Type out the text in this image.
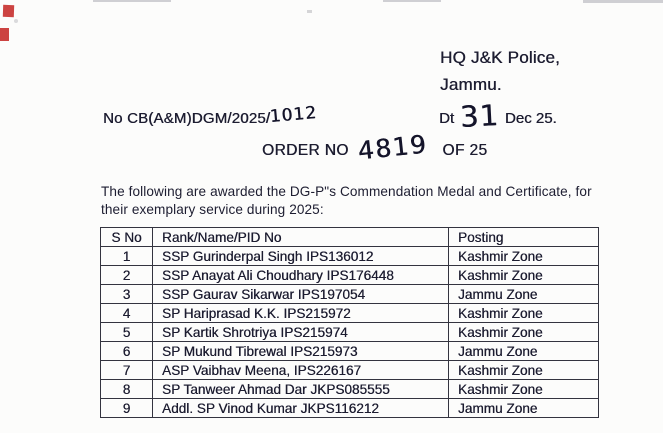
HQ J&K Police,
Jammu.
No CB(A&M)DGM/2025/1012	Dt 31 Dec 25.
ORDER NO 4819 OF 25
The following are awarded the DG-P"s Commendation Medal and Certificate, for
their exemplary service during 2025:
S No	Rank/Name/PID No	Posting
1	SSP Gurinderpal Singh IPS136012	Kashmir Zone
2	SSP Anayat Ali Choudhary IPS176448	Kashmir Zone
3	SSP Gaurav Sikarwar IPS197054	Jammu Zone
4	SP Hariprasad K.K. IPS215972	Kashmir Zone
5	SP Kartik Shrotriya IPS215974	Kashmir Zone
6	SP Mukund Tibrewal IPS215973	Jammu Zone
7	ASP Vaibhav Meena, IPS226167	Kashmir Zone
8	SP Tanweer Ahmad Dar JKPS085555	Kashmir Zone
9	Addl. SP Vinod Kumar JKPS116212	Jammu Zone
